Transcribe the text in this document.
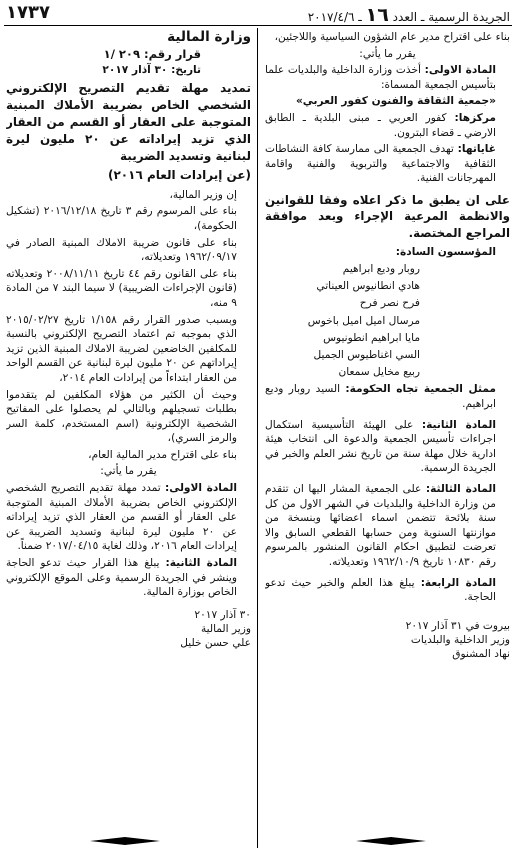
١٧٣٧	الجريدة الرسمية ـ العدد ١٦ ـ ٢٠١٧/٤/٦

بناء على اقتراح مدير عام الشؤون السياسية واللاجئين،

يقرر ما يأتي:

المادة الاولى: أخذت وزارة الداخلية والبلديات علما بتأسيس الجمعية المسماة:

«جمعية الثقافة والفنون كفور العربي»

مركزها: كفور العربي ـ مبنى البلدية ـ الطابق الارضي ـ قضاء البترون.

غاياتها: تهدف الجمعية الى ممارسة كافة النشاطات الثقافية والاجتماعية والتربوية والفنية واقامة المهرجانات الفنية.

على ان يطبق ما ذكر اعلاه وفقا للقوانين والانظمة المرعية الإجراء وبعد موافقة المراجع المختصة.

المؤسسون السادة:

روبار وديع ابراهيم

هادي انطانيوس العيناتي

فرح نصر فرح

مرسال اميل اميل باخوس

مايا ابراهيم انطونيوس

السي اغناطيوس الجميل

ربيع مخايل سمعان

ممثل الجمعية تجاه الحكومة: السيد روبار وديع ابراهيم.

المادة الثانية: على الهيئة التأسيسية استكمال اجراءات تأسيس الجمعية والدعوة الى انتخاب هيئة ادارية خلال مهلة سنة من تاريخ نشر العلم والخبر في الجريدة الرسمية.

المادة الثالثة: على الجمعية المشار اليها ان تتقدم من وزارة الداخلية والبلديات في الشهر الاول من كل سنة بلائحة تتضمن اسماء اعضائها وبنسخة من موازنتها السنوية ومن حسابها القطعي السابق والا تعرضت لتطبيق احكام القانون المنشور بالمرسوم رقم ١٠٨٣٠ تاريخ ١٩٦٢/١٠/٩ وتعديلاته.

المادة الرابعة: يبلغ هذا العلم والخبر حيث تدعو الحاجة.

بيروت في ٣١ آذار ٢٠١٧

وزير الداخلية والبلديات

نهاد المشنوق

وزارة المالية

قرار رقم: ٢٠٩ /١

تاريخ: ٣٠ آذار ٢٠١٧

تمديد مهلة تقديم التصريح الإلكتروني الشخصي الخاص بضريبة الأملاك المبنية المتوجبة على العقار أو القسم من العقار الذي تزيد إيراداته عن ٢٠ مليون ليرة لبنانية وتسديد الضريبة

(عن إيرادات العام ٢٠١٦)

إن وزير المالية،

بناء على المرسوم رقم ٣ تاريخ ٢٠١٦/١٢/١٨ (تشكيل الحكومة)،

بناء على قانون ضريبة الاملاك المبنية الصادر في ١٩٦٢/٠٩/١٧ وتعديلاته،

بناء على القانون رقم ٤٤ تاريخ ٢٠٠٨/١١/١١ وتعديلاته (قانون الإجراءات الضريبية) لا سيما البند ٧ من المادة ٩ منه،

وبسبب صدور القرار رقم ١/١٥٨ تاريخ ٢٠١٥/٠٢/٢٧ الذي بموجبه تم اعتماد التصريح الإلكتروني بالنسبة للمكلفين الخاضعين لضريبة الاملاك المبنية الذين تزيد إيراداتهم عن ٢٠ مليون ليرة لبنانية عن القسم الواحد من العقار ابتداءاً من إيرادات العام ٢٠١٤،

وحيث أن الكثير من هؤلاء المكلفين لم يتقدموا بطلبات تسجيلهم وبالتالي لم يحصلوا على المفاتيح الشخصية الإلكترونية (اسم المستخدم، كلمة السر والرمز السري)،

بناء على اقتراح مدير المالية العام،

يقرر ما يأتي:

المادة الاولى: تمدد مهلة تقديم التصريح الشخصي الإلكتروني الخاص بضريبة الأملاك المبنية المتوجبة على العقار أو القسم من العقار الذي تزيد إيراداته عن ٢٠ مليون ليرة لبنانية وتسديد الضريبة عن إيرادات العام ٢٠١٦، وذلك لغاية ٢٠١٧/٠٤/١٥ ضمناً.

المادة الثانية: يبلغ هذا القرار حيث تدعو الحاجة وينشر في الجريدة الرسمية وعلى الموقع الإلكتروني الخاص بوزارة المالية.

٣٠ آذار ٢٠١٧

وزير المالية

علي حسن خليل
